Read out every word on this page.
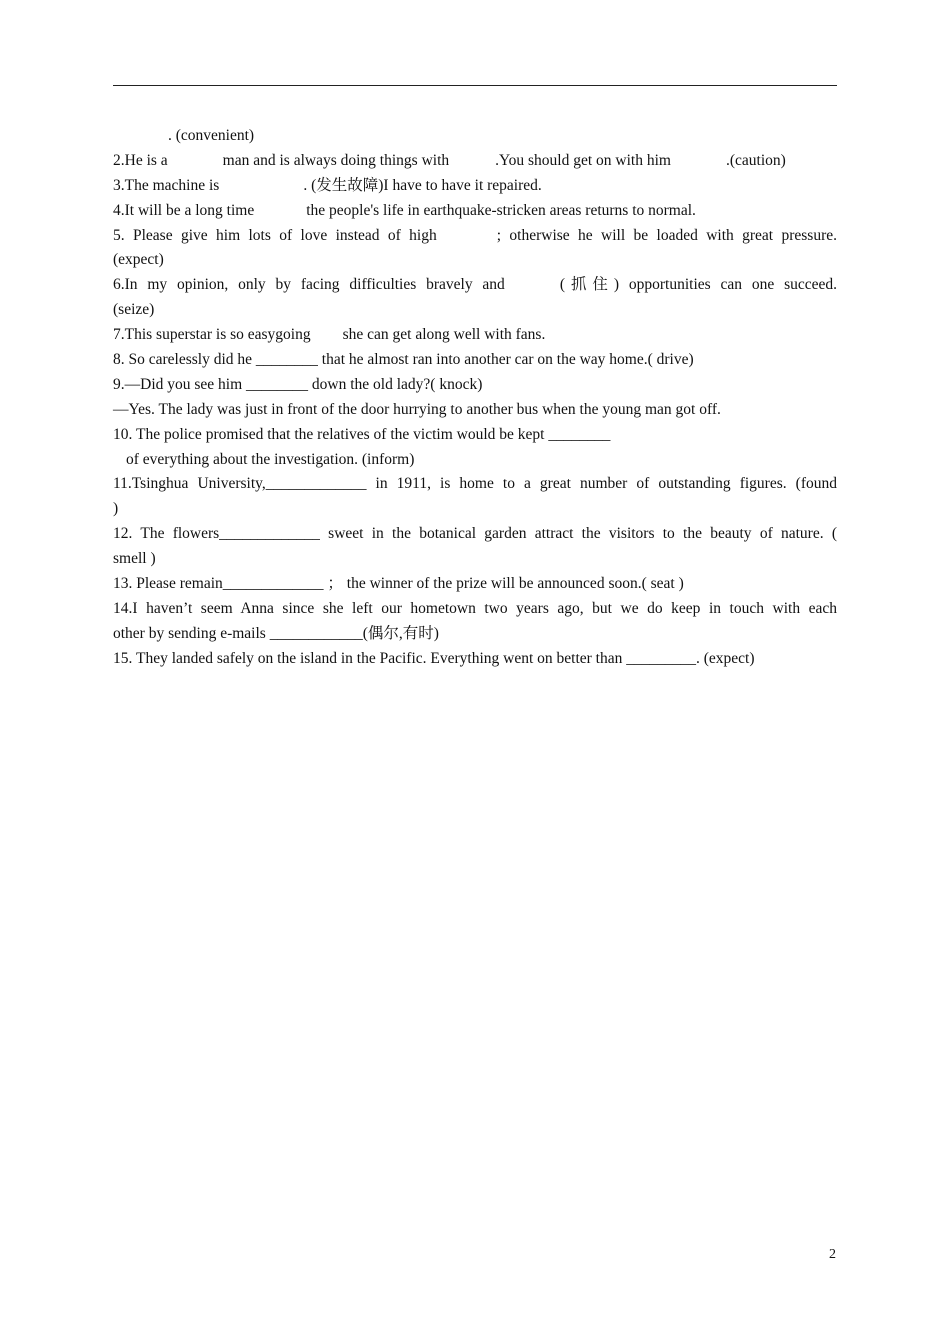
. (convenient)
2.He is a	man and is always doing things with	.You should get on with him	.(caution)
3.The machine is	. (发生故障)I have to have it repaired.
4.It will be a long time	the people's life in earthquake-stricken areas returns to normal.
5. Please give him lots of love instead of high	; otherwise he will be loaded with great pressure.
(expect)
6.In my opinion, only by facing difficulties bravely and	(抓住) opportunities can one succeed.
(seize)
7.This superstar is so easygoing she can get along well with fans.
8. So carelessly did he ________ that he almost ran into another car on the way home.( drive)
9.—Did you see him ________ down the old lady?( knock)
—Yes. The lady was just in front of the door hurrying to another bus when the young man got off.
10. The police promised that the relatives of the victim would be kept ________
of everything about the investigation. (inform)
11.Tsinghua University,_____________ in 1911, is home to a great number of outstanding figures. (found
)
12. The flowers_____________ sweet in the botanical garden attract the visitors to the beauty of nature. (
smell )
13. Please remain_____________ ； the winner of the prize will be announced soon.( seat )
14.I haven’t seem Anna since she left our hometown two years ago, but we do keep in touch with each
other by sending e-mails ____________(偶尔,有时)
15. They landed safely on the island in the Pacific. Everything went on better than _________. (expect)
2
